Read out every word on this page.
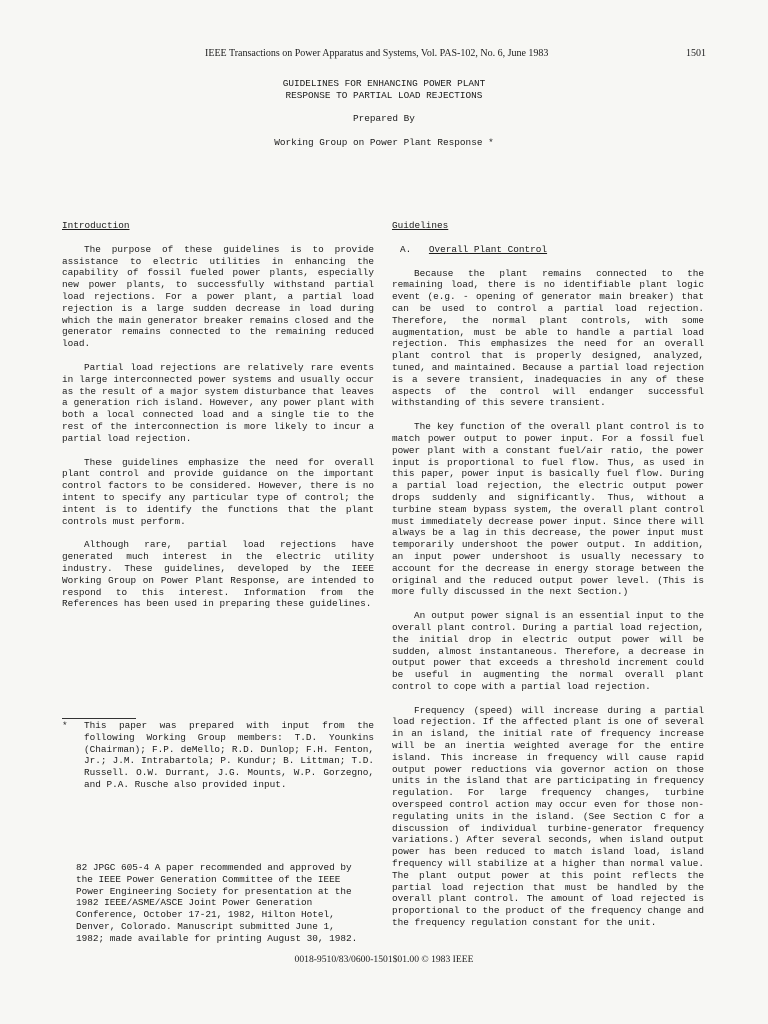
IEEE Transactions on Power Apparatus and Systems, Vol. PAS-102, No. 6, June 1983	1501
GUIDELINES FOR ENHANCING POWER PLANT
RESPONSE TO PARTIAL LOAD REJECTIONS
Prepared By
Working Group on Power Plant Response *
Introduction

The purpose of these guidelines is to provide assistance to electric utilities in enhancing the capability of fossil fueled power plants, especially new power plants, to successfully withstand partial load rejections. For a power plant, a partial load rejection is a large sudden decrease in load during which the main generator breaker remains closed and the generator remains connected to the remaining reduced load.

Partial load rejections are relatively rare events in large interconnected power systems and usually occur as the result of a major system disturbance that leaves a generation rich island. However, any power plant with both a local connected load and a single tie to the rest of the interconnection is more likely to incur a partial load rejection.

These guidelines emphasize the need for overall plant control and provide guidance on the important control factors to be considered. However, there is no intent to specify any particular type of control; the intent is to identify the functions that the plant controls must perform.

Although rare, partial load rejections have generated much interest in the electric utility industry. These guidelines, developed by the IEEE Working Group on Power Plant Response, are intended to respond to this interest. Information from the References has been used in preparing these guidelines.

* This paper was prepared with input from the following Working Group members: T.D. Younkins (Chairman); F.P. deMello; R.D. Dunlop; F.H. Fenton, Jr.; J.M. Intrabartola; P. Kundur; B. Littman; T.D. Russell. O.W. Durrant, J.G. Mounts, W.P. Gorzegno, and P.A. Rusche also provided input.
82 JPGC 605-4 A paper recommended and approved by the IEEE Power Generation Committee of the IEEE Power Engineering Society for presentation at the 1982 IEEE/ASME/ASCE Joint Power Generation Conference, October 17-21, 1982, Hilton Hotel, Denver, Colorado. Manuscript submitted June 1, 1982; made available for printing August 30, 1982.
Guidelines
A. Overall Plant Control

Because the plant remains connected to the remaining load, there is no identifiable plant logic event (e.g. - opening of generator main breaker) that can be used to control a partial load rejection. Therefore, the normal plant controls, with some augmentation, must be able to handle a partial load rejection. This emphasizes the need for an overall plant control that is properly designed, analyzed, tuned, and maintained. Because a partial load rejection is a severe transient, inadequacies in any of these aspects of the control will endanger successful withstanding of this severe transient.

The key function of the overall plant control is to match power output to power input. For a fossil fuel power plant with a constant fuel/air ratio, the power input is proportional to fuel flow. Thus, as used in this paper, power input is basically fuel flow. During a partial load rejection, the electric output power drops suddenly and significantly. Thus, without a turbine steam bypass system, the overall plant control must immediately decrease power input. Since there will always be a lag in this decrease, the power input must temporarily undershoot the power output. In addition, an input power undershoot is usually necessary to account for the decrease in energy storage between the original and the reduced output power level. (This is more fully discussed in the next Section.)

An output power signal is an essential input to the overall plant control. During a partial load rejection, the initial drop in electric output power will be sudden, almost instantaneous. Therefore, a decrease in output power that exceeds a threshold increment could be useful in augmenting the normal overall plant control to cope with a partial load rejection.

Frequency (speed) will increase during a partial load rejection. If the affected plant is one of several in an island, the initial rate of frequency increase will be an inertia weighted average for the entire island. This increase in frequency will cause rapid output power reductions via governor action on those units in the island that are participating in frequency regulation. For large frequency changes, turbine overspeed control action may occur even for those non-regulating units in the island. (See Section C for a discussion of individual turbine-generator frequency variations.) After several seconds, when island output power has been reduced to match island load, island frequency will stabilize at a higher than normal value. The plant output power at this point reflects the partial load rejection that must be handled by the overall plant control. The amount of load rejected is proportional to the product of the frequency change and the frequency regulation constant for the unit.

0018-9510/83/0600-1501$01.00 © 1983 IEEE
